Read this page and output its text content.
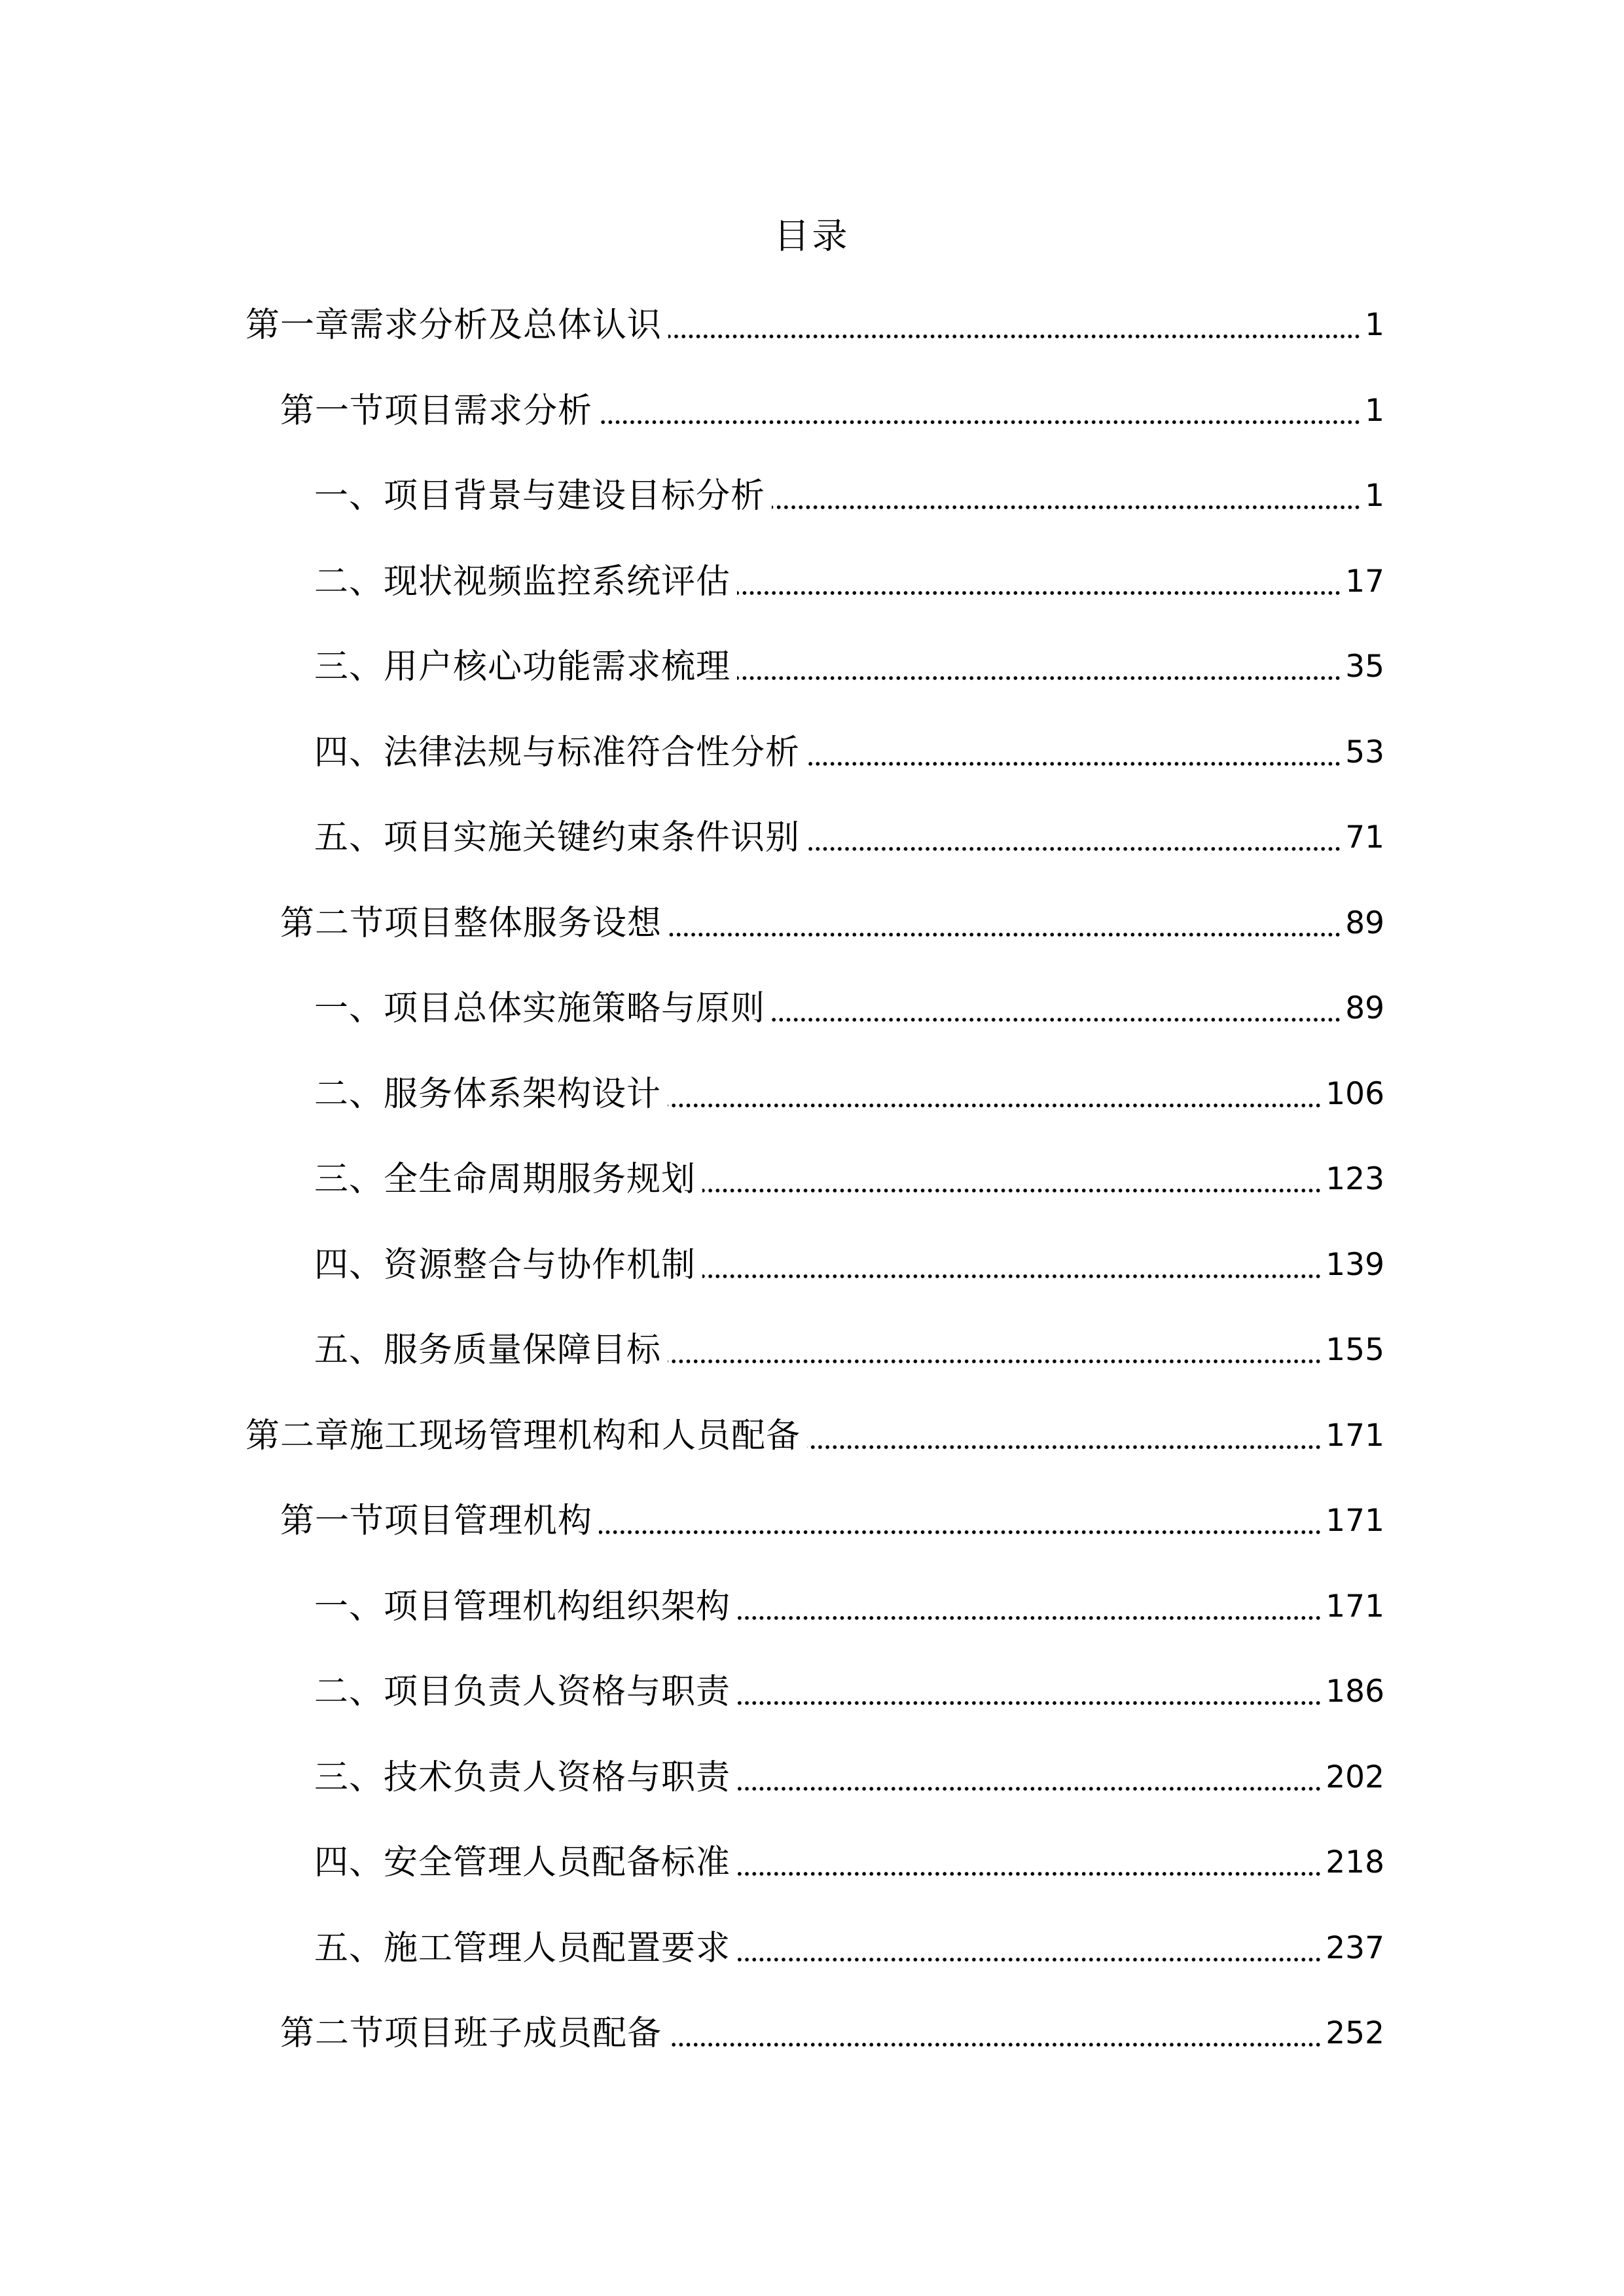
目录
第一章需求分析及总体认识	1
第一节项目需求分析	1
一、项目背景与建设目标分析	1
二、现状视频监控系统评估	17
三、用户核心功能需求梳理	35
四、法律法规与标准符合性分析	53
五、项目实施关键约束条件识别	71
第二节项目整体服务设想	89
一、项目总体实施策略与原则	89
二、服务体系架构设计	106
三、全生命周期服务规划	123
四、资源整合与协作机制	139
五、服务质量保障目标	155
第二章施工现场管理机构和人员配备	171
第一节项目管理机构	171
一、项目管理机构组织架构	171
二、项目负责人资格与职责	186
三、技术负责人资格与职责	202
四、安全管理人员配备标准	218
五、施工管理人员配置要求	237
第二节项目班子成员配备	252
